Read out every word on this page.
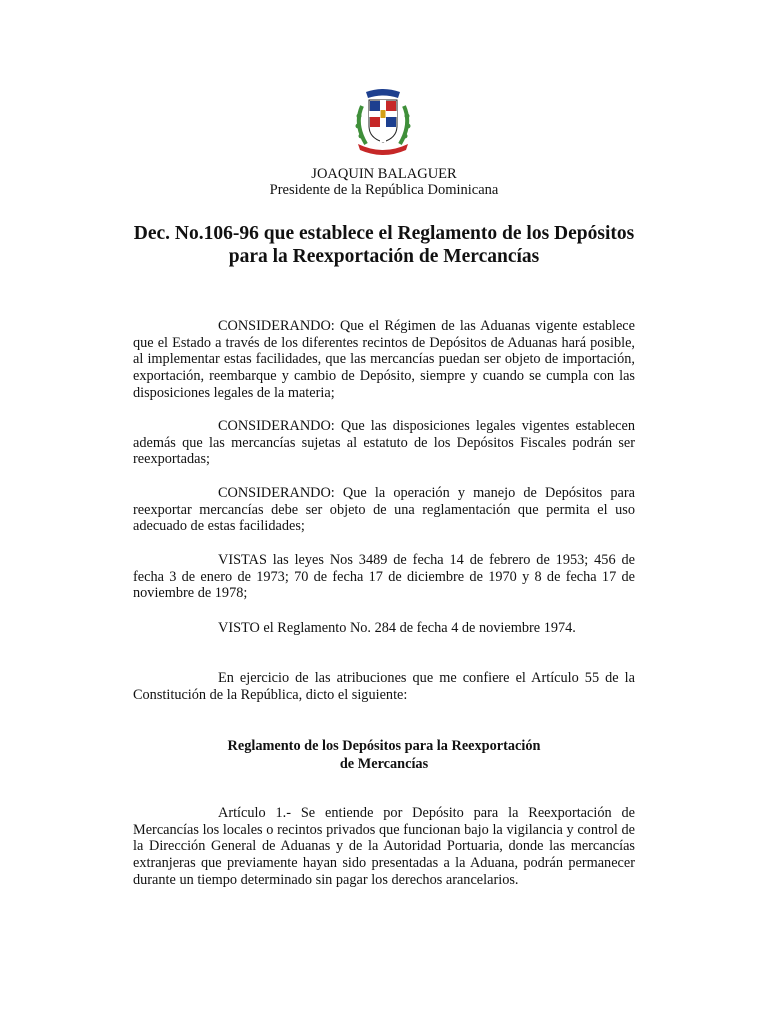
JOAQUIN BALAGUER
Presidente de la República Dominicana
Dec. No.106-96 que establece el Reglamento de los Depósitos
para la Reexportación de Mercancías

CONSIDERANDO: Que el Régimen de las Aduanas vigente establece que el Estado a través de los diferentes recintos de Depósitos de Aduanas hará posible, al implementar estas facilidades, que las mercancías puedan ser objeto de importación, exportación, reembarque y cambio de Depósito, siempre y cuando se cumpla con las disposiciones legales de la materia;

CONSIDERANDO: Que las disposiciones legales vigentes establecen además que las mercancías sujetas al estatuto de los Depósitos Fiscales podrán ser reexportadas;

CONSIDERANDO: Que la operación y manejo de Depósitos para reexportar mercancías debe ser objeto de una reglamentación que permita el uso adecuado de estas facilidades;

VISTAS las leyes Nos 3489 de fecha 14 de febrero de 1953; 456 de fecha 3 de enero de 1973; 70 de fecha 17 de diciembre de 1970 y 8 de fecha 17 de noviembre de 1978;

VISTO el Reglamento No. 284 de fecha 4 de noviembre 1974.

En ejercicio de las atribuciones que me confiere el Artículo 55 de la Constitución de la República, dicto el siguiente:

Reglamento de los Depósitos para la Reexportación
de Mercancías

Artículo 1.- Se entiende por Depósito para la Reexportación de Mercancías los locales o recintos privados que funcionan bajo la vigilancia y control de la Dirección General de Aduanas y de la Autoridad Portuaria, donde las mercancías extranjeras que previamente hayan sido presentadas a la Aduana, podrán permanecer durante un tiempo determinado sin pagar los derechos arancelarios.
